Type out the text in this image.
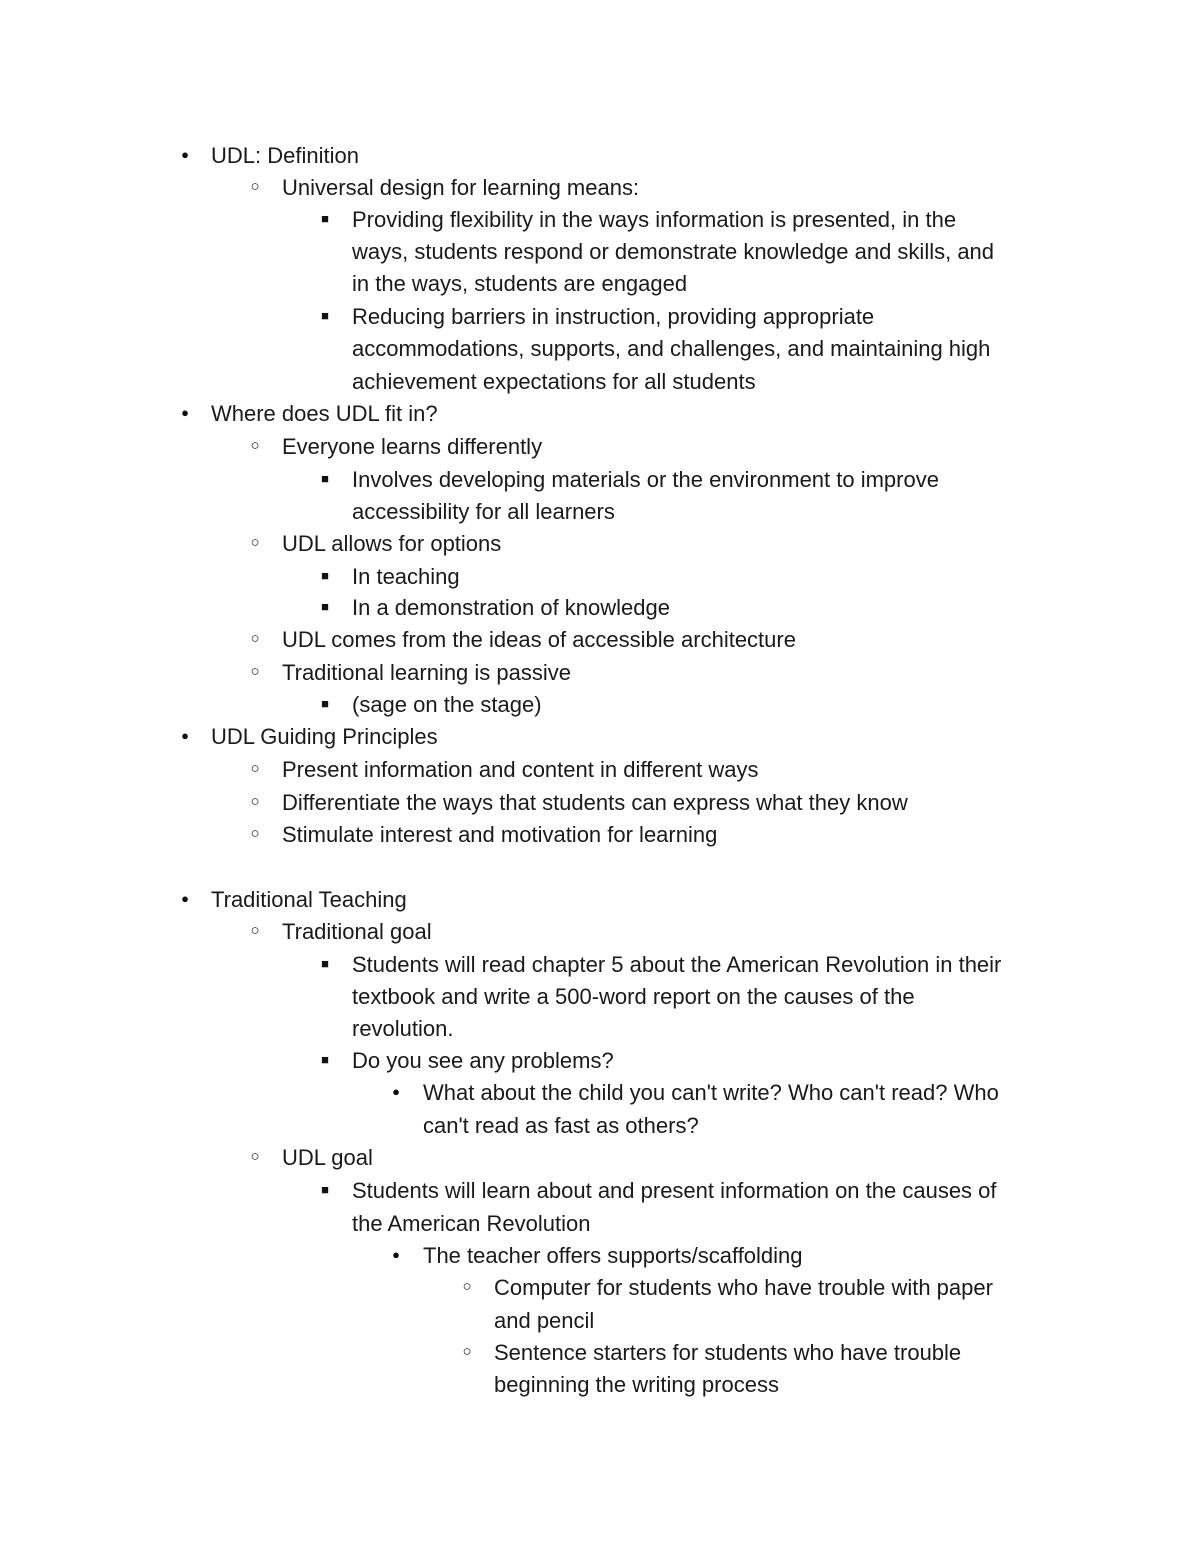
●
UDL: Definition
○
Universal design for learning means:
■
Providing flexibility in the ways information is presented, in the
ways, students respond or demonstrate knowledge and skills, and
in the ways, students are engaged
■
Reducing barriers in instruction, providing appropriate
accommodations, supports, and challenges, and maintaining high
achievement expectations for all students
●
Where does UDL fit in?
○
Everyone learns differently
■
Involves developing materials or the environment to improve
accessibility for all learners
○
UDL allows for options
■
In teaching
■
In a demonstration of knowledge
○
UDL comes from the ideas of accessible architecture
○
Traditional learning is passive
■
(sage on the stage)
●
UDL Guiding Principles
○
Present information and content in different ways
○
Differentiate the ways that students can express what they know
○
Stimulate interest and motivation for learning
●
Traditional Teaching
○
Traditional goal
■
Students will read chapter 5 about the American Revolution in their
textbook and write a 500-word report on the causes of the
revolution.
■
Do you see any problems?
●
What about the child you can't write? Who can't read? Who
can't read as fast as others?
○
UDL goal
■
Students will learn about and present information on the causes of
the American Revolution
●
The teacher offers supports/scaffolding
○
Computer for students who have trouble with paper
and pencil
○
Sentence starters for students who have trouble
beginning the writing process
